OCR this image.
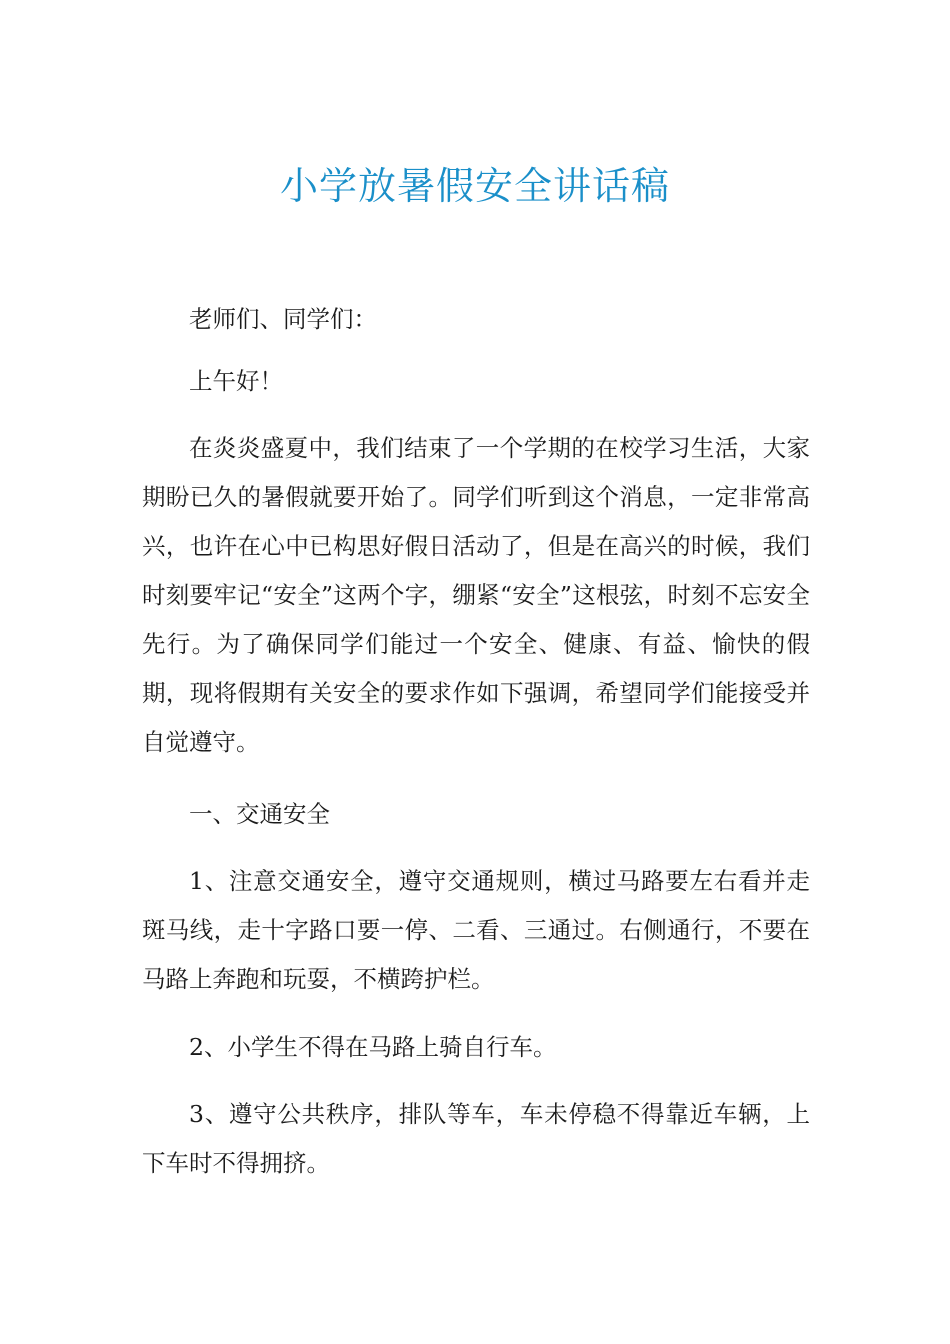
小学放暑假安全讲话稿

老师们、同学们：

上午好！

在炎炎盛夏中，我们结束了一个学期的在校学习生活，大家期盼已久的暑假就要开始了。同学们听到这个消息，一定非常高兴，也许在心中已构思好假日活动了，但是在高兴的时候，我们时刻要牢记“安全”这两个字，绷紧“安全”这根弦，时刻不忘安全先行。为了确保同学们能过一个安全、健康、有益、愉快的假期，现将假期有关安全的要求作如下强调，希望同学们能接受并自觉遵守。

一、交通安全

1、注意交通安全，遵守交通规则，横过马路要左右看并走斑马线，走十字路口要一停、二看、三通过。右侧通行，不要在马路上奔跑和玩耍，不横跨护栏。

2、小学生不得在马路上骑自行车。

3、遵守公共秩序，排队等车，车未停稳不得靠近车辆，上下车时不得拥挤。
